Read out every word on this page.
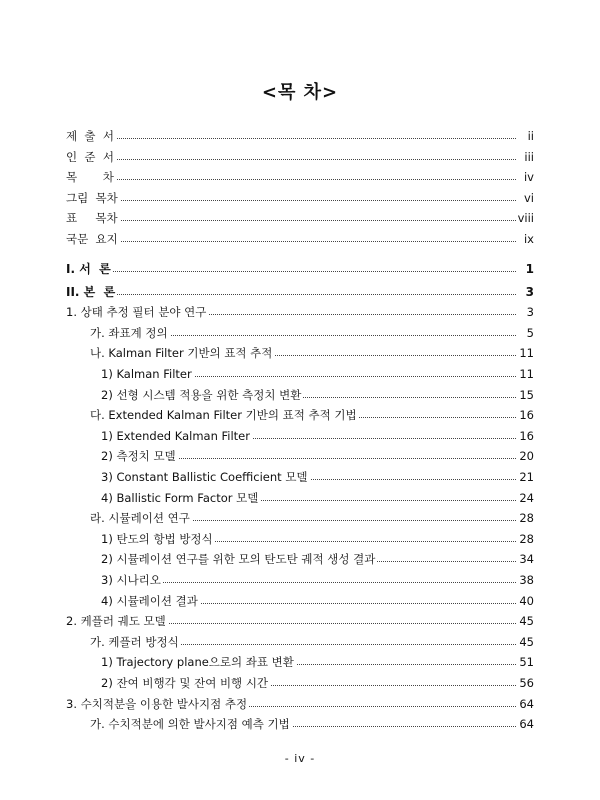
<목 차>
제  출  서	ii
인  준  서	iii
목       차	iv
그림  목차	vi
표     목차	viii
국문  요지	ix
I. 서  론	1
II. 본  론	3
1. 상태 추정 필터 분야 연구	3
가. 좌표계 정의	5
나. Kalman Filter 기반의 표적 추적	11
1) Kalman Filter	11
2) 선형 시스템 적용을 위한 측정치 변환	15
다. Extended Kalman Filter 기반의 표적 추적 기법	16
1) Extended Kalman Filter	16
2) 측정치 모델	20
3) Constant Ballistic Coefficient 모델	21
4) Ballistic Form Factor 모델	24
라. 시뮬레이션 연구	28
1) 탄도의 항법 방정식	28
2) 시뮬레이션 연구를 위한 모의 탄도탄 궤적 생성 결과	34
3) 시나리오	38
4) 시뮬레이션 결과	40
2. 케플러 궤도 모델	45
가. 케플러 방정식	45
1) Trajectory plane으로의 좌표 변환	51
2) 잔여 비행각 및 잔여 비행 시간	56
3. 수치적분을 이용한 발사지점 추정	64
가. 수치적분에 의한 발사지점 예측 기법	64
- iv -
